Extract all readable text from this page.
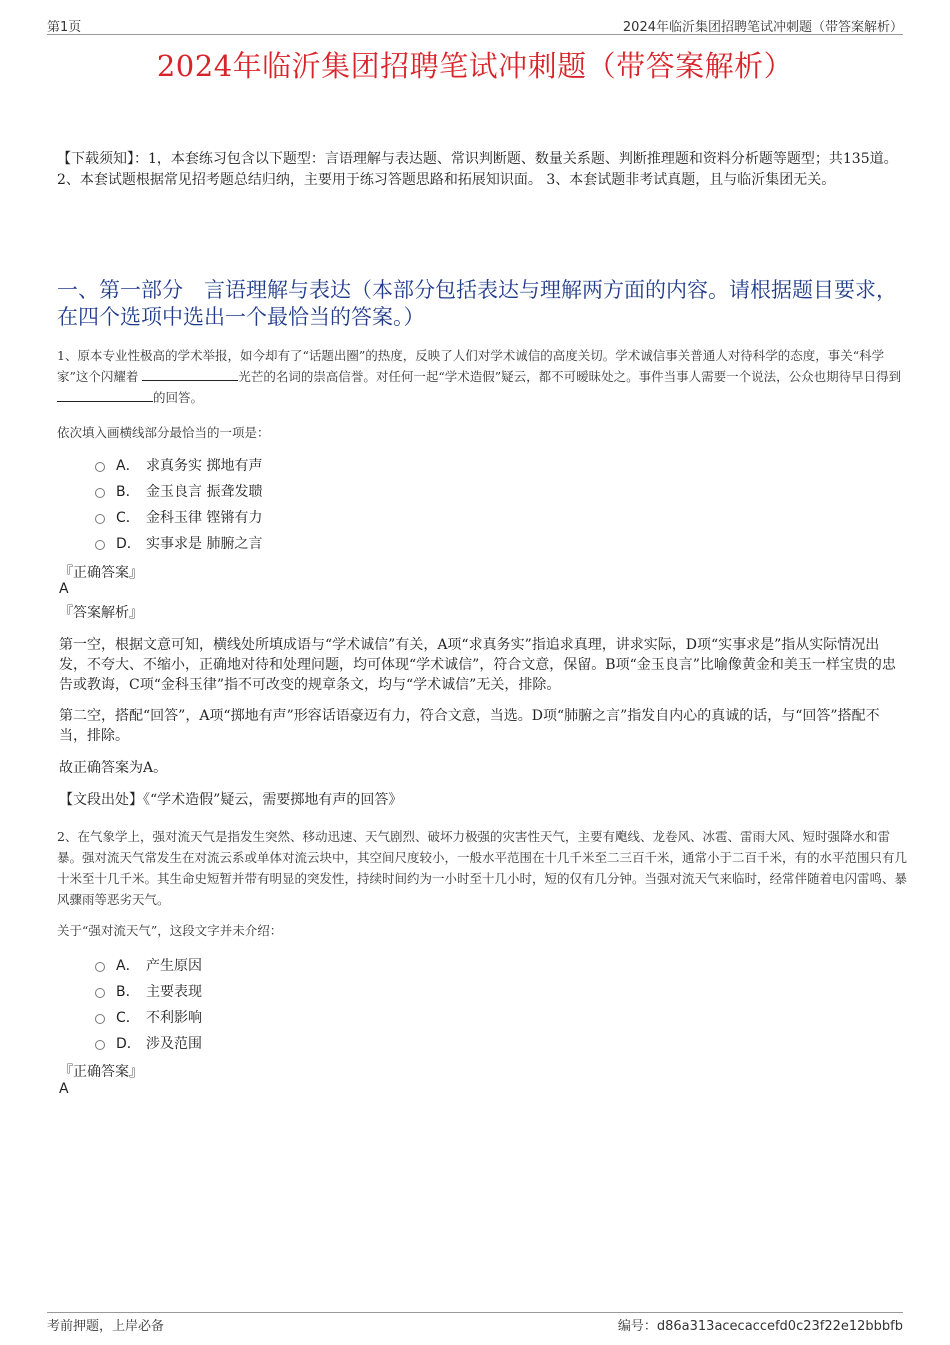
第1页	2024年临沂集团招聘笔试冲刺题（带答案解析）
2024年临沂集团招聘笔试冲刺题（带答案解析）
【下载须知】：1，本套练习包含以下题型：言语理解与表达题、常识判断题、数量关系题、判断推理题和资料分析题等题型；共135道。 2、本套试题根据常见招考题总结归纳，主要用于练习答题思路和拓展知识面。 3、本套试题非考试真题，且与临沂集团无关。
一、第一部分　言语理解与表达（本部分包括表达与理解两方面的内容。请根据题目要求，在四个选项中选出一个最恰当的答案。）
1、原本专业性极高的学术举报，如今却有了“话题出圈”的热度，反映了人们对学术诚信的高度关切。学术诚信事关普通人对待科学的态度，事关“科学家”这个闪耀着	光芒的名词的崇高信誉。对任何一起“学术造假”疑云，都不可暧昧处之。事件当事人需要一个说法，公众也期待早日得到 的回答。
依次填入画横线部分最恰当的一项是：
A． 求真务实 掷地有声
B． 金玉良言 振聋发聩
C． 金科玉律 铿锵有力
D． 实事求是 肺腑之言
『正确答案』
A
『答案解析』
第一空，根据文意可知，横线处所填成语与“学术诚信”有关，A项“求真务实”指追求真理，讲求实际，D项“实事求是”指从实际情况出发，不夸大、不缩小，正确地对待和处理问题，均可体现“学术诚信”，符合文意，保留。B项“金玉良言”比喻像黄金和美玉一样宝贵的忠告或教诲，C项“金科玉律”指不可改变的规章条文，均与“学术诚信”无关，排除。
第二空，搭配“回答”，A项“掷地有声”形容话语豪迈有力，符合文意，当选。D项“肺腑之言”指发自内心的真诚的话，与“回答”搭配不当，排除。
故正确答案为A。
【文段出处】《“学术造假”疑云，需要掷地有声的回答》
2、在气象学上，强对流天气是指发生突然、移动迅速、天气剧烈、破坏力极强的灾害性天气，主要有飑线、龙卷风、冰雹、雷雨大风、短时强降水和雷暴。强对流天气常发生在对流云系或单体对流云块中，其空间尺度较小，一般水平范围在十几千米至二三百千米，通常小于二百千米，有的水平范围只有几十米至十几千米。其生命史短暂并带有明显的突发性，持续时间约为一小时至十几小时，短的仅有几分钟。当强对流天气来临时，经常伴随着电闪雷鸣、暴风骤雨等恶劣天气。
关于“强对流天气”，这段文字并未介绍：
A． 产生原因
B． 主要表现
C． 不利影响
D． 涉及范围
『正确答案』
A
考前押题，上岸必备	编号：d86a313acecaccefd0c23f22e12bbbfb
